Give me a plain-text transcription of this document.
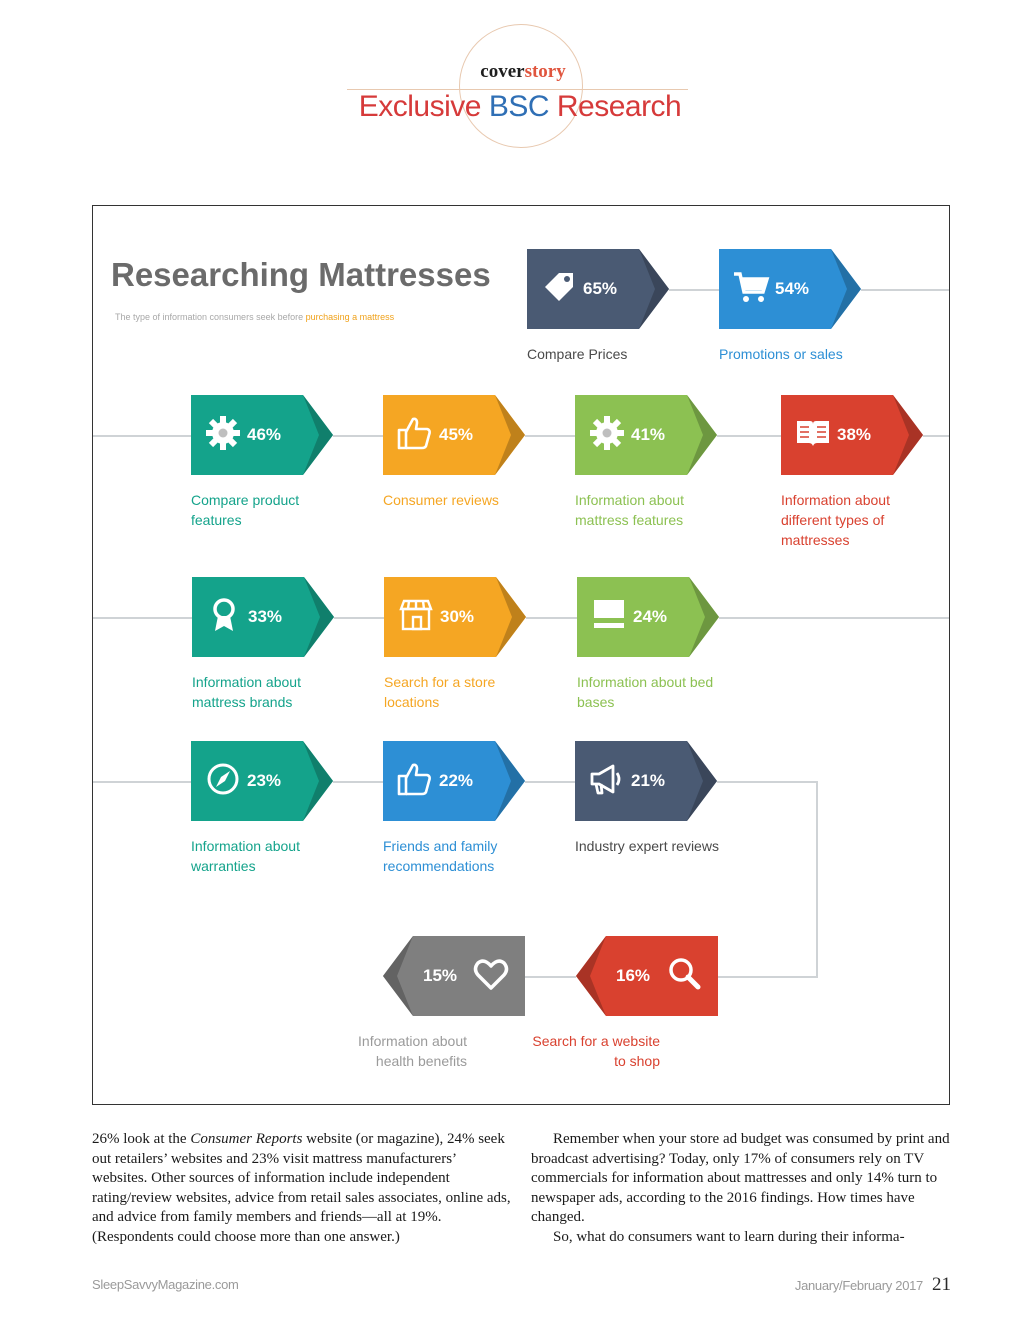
coverstory
Exclusive BSC Research
Researching Mattresses
The type of information consumers seek before purchasing a mattress
65%
Compare Prices
54%
Promotions or sales
46%
Compare product features
45%
Consumer reviews
41%
Information about mattress features
38%
Information about different types of mattresses
33%
Information about mattress brands
30%
Search for a store locations
24%
Information about bed bases
23%
Information about warranties
22%
Friends and family recommendations
21%
Industry expert reviews
16%
Search for a website to shop
15%
Information about health benefits

26% look at the Consumer Reports website (or magazine), 24% seek out retailers’ websites and 23% visit mattress manufacturers’ websites. Other sources of information include independent rating/review websites, advice from retail sales associates, online ads, and advice from family members and friends—all at 19%. (Respondents could choose more than one answer.)

Remember when your store ad budget was consumed by print and broadcast advertising? Today, only 17% of consumers rely on TV commercials for information about mattresses and only 14% turn to newspaper ads, according to the 2016 findings. How times have changed.

So, what do consumers want to learn during their informa-

SleepSavvyMagazine.com	January/February 2017 21
